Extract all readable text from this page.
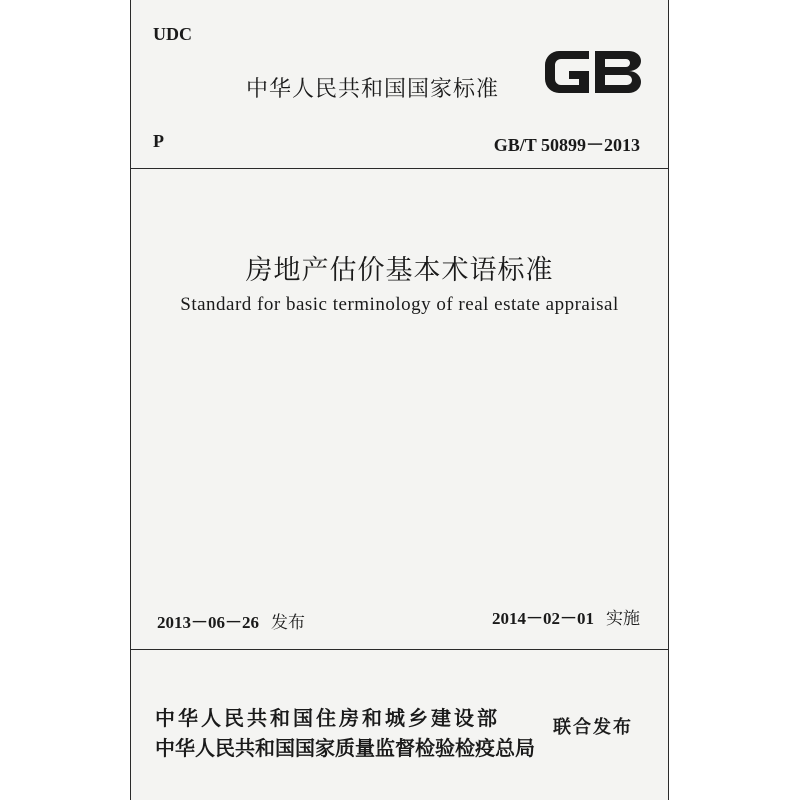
UDC
中华人民共和国国家标准
P	GB/T 50899－2013
房地产估价基本术语标准
Standard for basic terminology of real estate appraisal
2013－06－26 发布	2014－02－01 实施
中华人民共和国住房和城乡建设部
中华人民共和国国家质量监督检验检疫总局
联合发布
